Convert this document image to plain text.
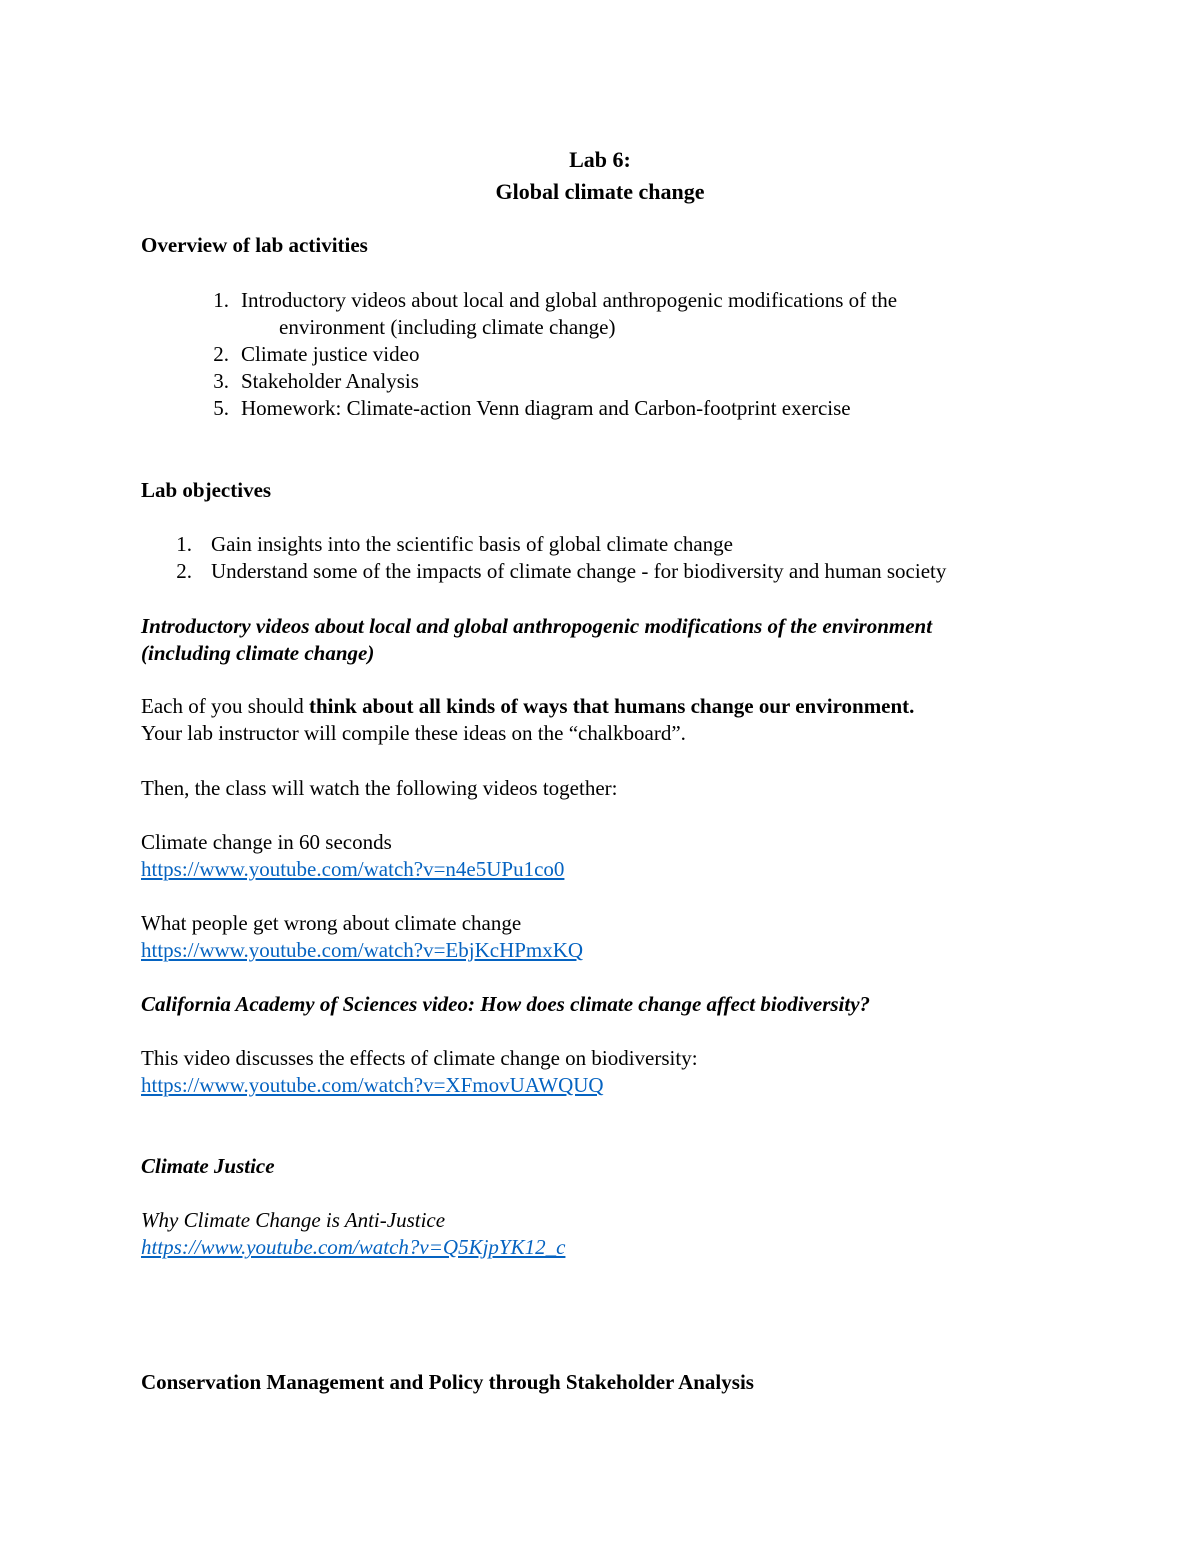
Lab 6:
Global climate change
Overview of lab activities
1. Introductory videos about local and global anthropogenic modifications of the
environment (including climate change)
2. Climate justice video
3. Stakeholder Analysis
5. Homework: Climate-action Venn diagram and Carbon-footprint exercise
Lab objectives
1. Gain insights into the scientific basis of global climate change
2. Understand some of the impacts of climate change - for biodiversity and human society
Introductory videos about local and global anthropogenic modifications of the environment
(including climate change)
Each of you should think about all kinds of ways that humans change our environment.
Your lab instructor will compile these ideas on the “chalkboard”.
Then, the class will watch the following videos together:
Climate change in 60 seconds
https://www.youtube.com/watch?v=n4e5UPu1co0
What people get wrong about climate change
https://www.youtube.com/watch?v=EbjKcHPmxKQ
California Academy of Sciences video: How does climate change affect biodiversity?
This video discusses the effects of climate change on biodiversity:
https://www.youtube.com/watch?v=XFmovUAWQUQ
Climate Justice
Why Climate Change is Anti-Justice
https://www.youtube.com/watch?v=Q5KjpYK12_c
Conservation Management and Policy through Stakeholder Analysis
